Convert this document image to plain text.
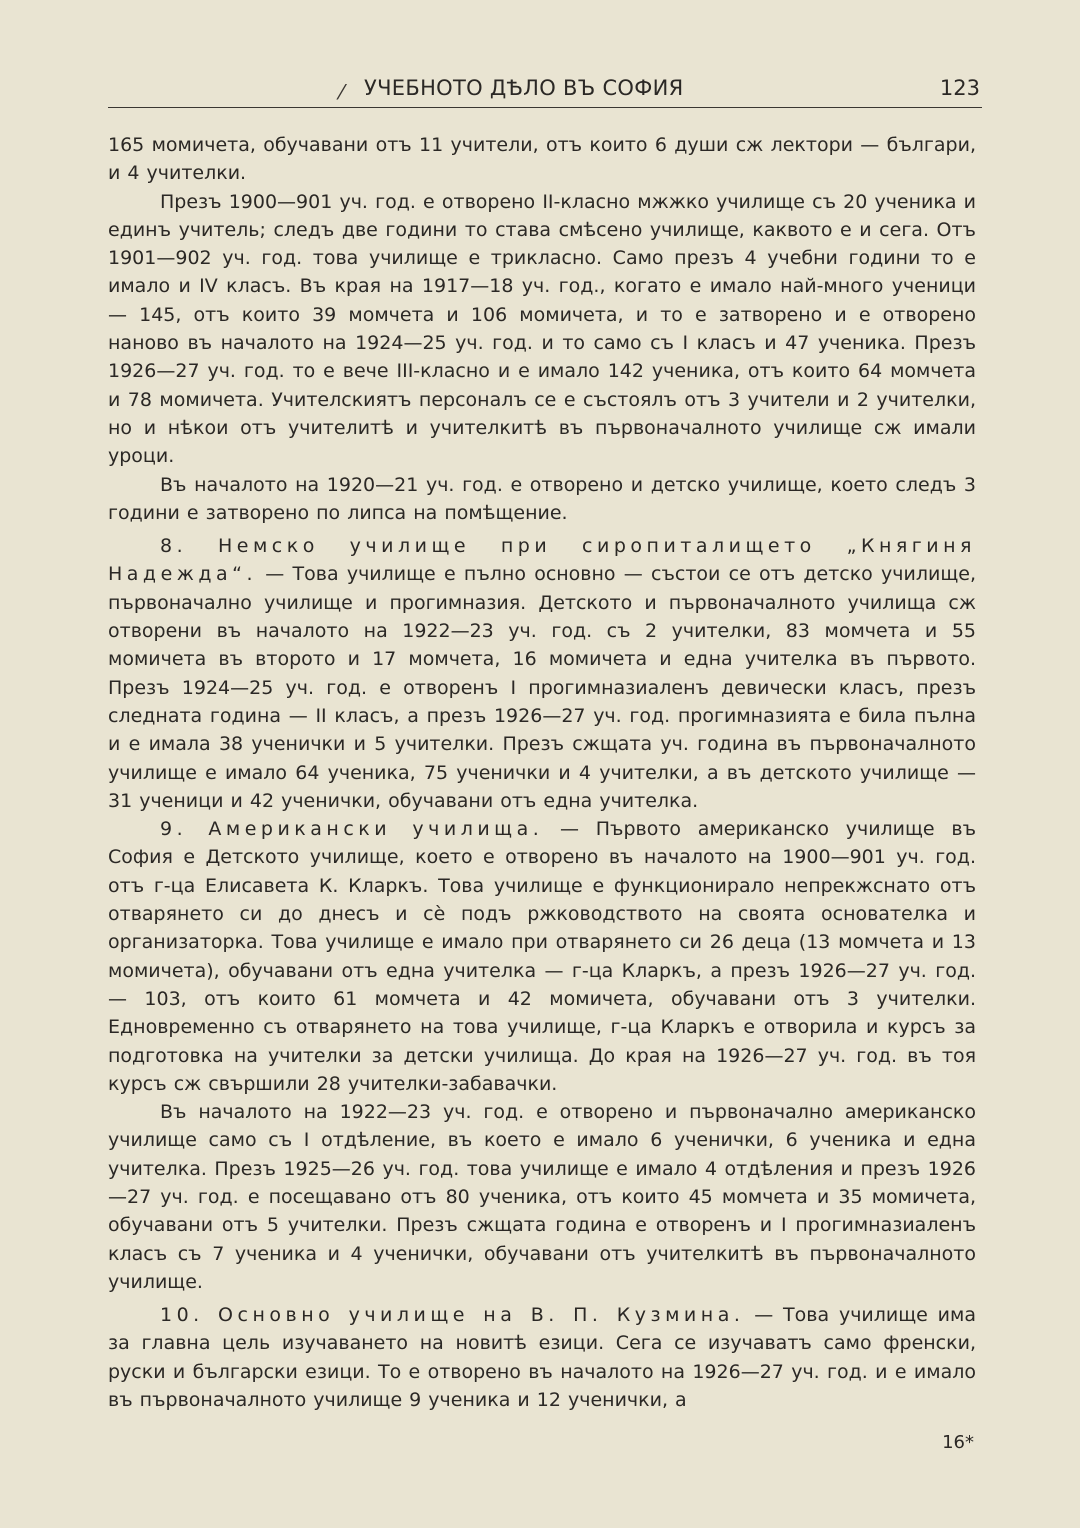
⁄ УЧЕБНОТО ДѢЛО ВЪ СОФИЯ	123

165 момичета, обучавани отъ 11 учители, отъ които 6 души сж лектори — българи, и 4 учителки.

Презъ 1900—901 уч. год. е отворено II-класно мжжко училище съ 20 ученика и единъ учитель; следъ две години то става смѣсено училище, каквото е и сега. Отъ 1901—902 уч. год. това училище е трикласно. Само презъ 4 учебни години то е имало и IV класъ. Въ края на 1917—18 уч. год., когато е имало най-много ученици — 145, отъ които 39 момчета и 106 момичета, и то е затворено и е отворено наново въ началото на 1924—25 уч. год. и то само съ I класъ и 47 ученика. Презъ 1926—27 уч. год. то е вече III-класно и е имало 142 ученика, отъ които 64 момчета и 78 момичета. Учителскиятъ персоналъ се е състоялъ отъ 3 учители и 2 учителки, но и нѣкои отъ учителитѣ и учителкитѣ въ първоначалното училище сж имали уроци.

Въ началото на 1920—21 уч. год. е отворено и детско училище, което следъ 3 години е затворено по липса на помѣщение.

8. Немско училище при сиропиталището „Княгиня Надежда“. — Това училище е пълно основно — състои се отъ детско училище, първоначално училище и прогимназия. Детското и първоначалното училища сж отворени въ началото на 1922—23 уч. год. съ 2 учителки, 83 момчета и 55 момичета въ второто и 17 момчета, 16 момичета и една учителка въ първото. Презъ 1924—25 уч. год. е отворенъ I прогимназиаленъ девически класъ, презъ следната година — II класъ, а презъ 1926—27 уч. год. прогимназията е била пълна и е имала 38 ученички и 5 учителки. Презъ сжщата уч. година въ първоначалното училище е имало 64 ученика, 75 ученички и 4 учителки, а въ детското училище — 31 ученици и 42 ученички, обучавани отъ една учителка.

9. Американски училища. — Първото американско училище въ София е Детското училище, което е отворено въ началото на 1900—901 уч. год. отъ г-ца Елисавета К. Кларкъ. Това училище е функционирало непрекжснато отъ отварянето си до днесъ и сѐ подъ ржководството на своята основателка и организаторка. Това училище е имало при отварянето си 26 деца (13 момчета и 13 момичета), обучавани отъ една учителка — г-ца Кларкъ, а презъ 1926—27 уч. год. — 103, отъ които 61 момчета и 42 момичета, обучавани отъ 3 учителки. Едновременно съ отварянето на това училище, г-ца Кларкъ е отворила и курсъ за подготовка на учителки за детски училища. До края на 1926—27 уч. год. въ тоя курсъ сж свършили 28 учителки-забавачки.

Въ началото на 1922—23 уч. год. е отворено и първоначално американско училище само съ I отдѣление, въ което е имало 6 ученички, 6 ученика и една учителка. Презъ 1925—26 уч. год. това училище е имало 4 отдѣления и презъ 1926—27 уч. год. е посещавано отъ 80 ученика, отъ които 45 момчета и 35 момичета, обучавани отъ 5 учителки. Презъ сжщата година е отворенъ и I прогимназиаленъ класъ съ 7 ученика и 4 ученички, обучавани отъ учителкитѣ въ първоначалното училище.

10. Основно училище на В. П. Кузмина. — Това училище има за главна цель изучаването на новитѣ езици. Сега се изучаватъ само френски, руски и български езици. То е отворено въ началото на 1926—27 уч. год. и е имало въ първоначалното училище 9 ученика и 12 ученички, а

16*
